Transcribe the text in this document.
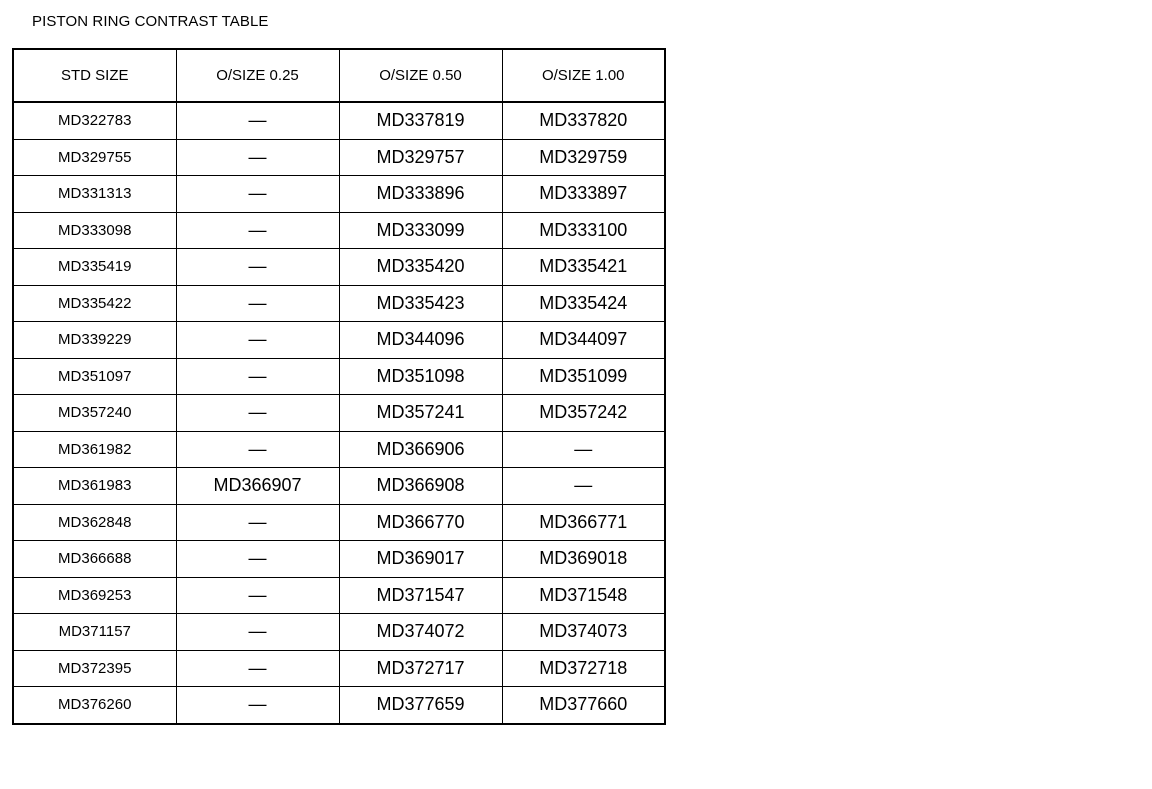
PISTON RING CONTRAST TABLE
STD SIZE	O/SIZE 0.25	O/SIZE 0.50	O/SIZE 1.00
MD322783	—	MD337819	MD337820
MD329755	—	MD329757	MD329759
MD331313	—	MD333896	MD333897
MD333098	—	MD333099	MD333100
MD335419	—	MD335420	MD335421
MD335422	—	MD335423	MD335424
MD339229	—	MD344096	MD344097
MD351097	—	MD351098	MD351099
MD357240	—	MD357241	MD357242
MD361982	—	MD366906	—
MD361983	MD366907	MD366908	—
MD362848	—	MD366770	MD366771
MD366688	—	MD369017	MD369018
MD369253	—	MD371547	MD371548
MD371157	—	MD374072	MD374073
MD372395	—	MD372717	MD372718
MD376260	—	MD377659	MD377660
